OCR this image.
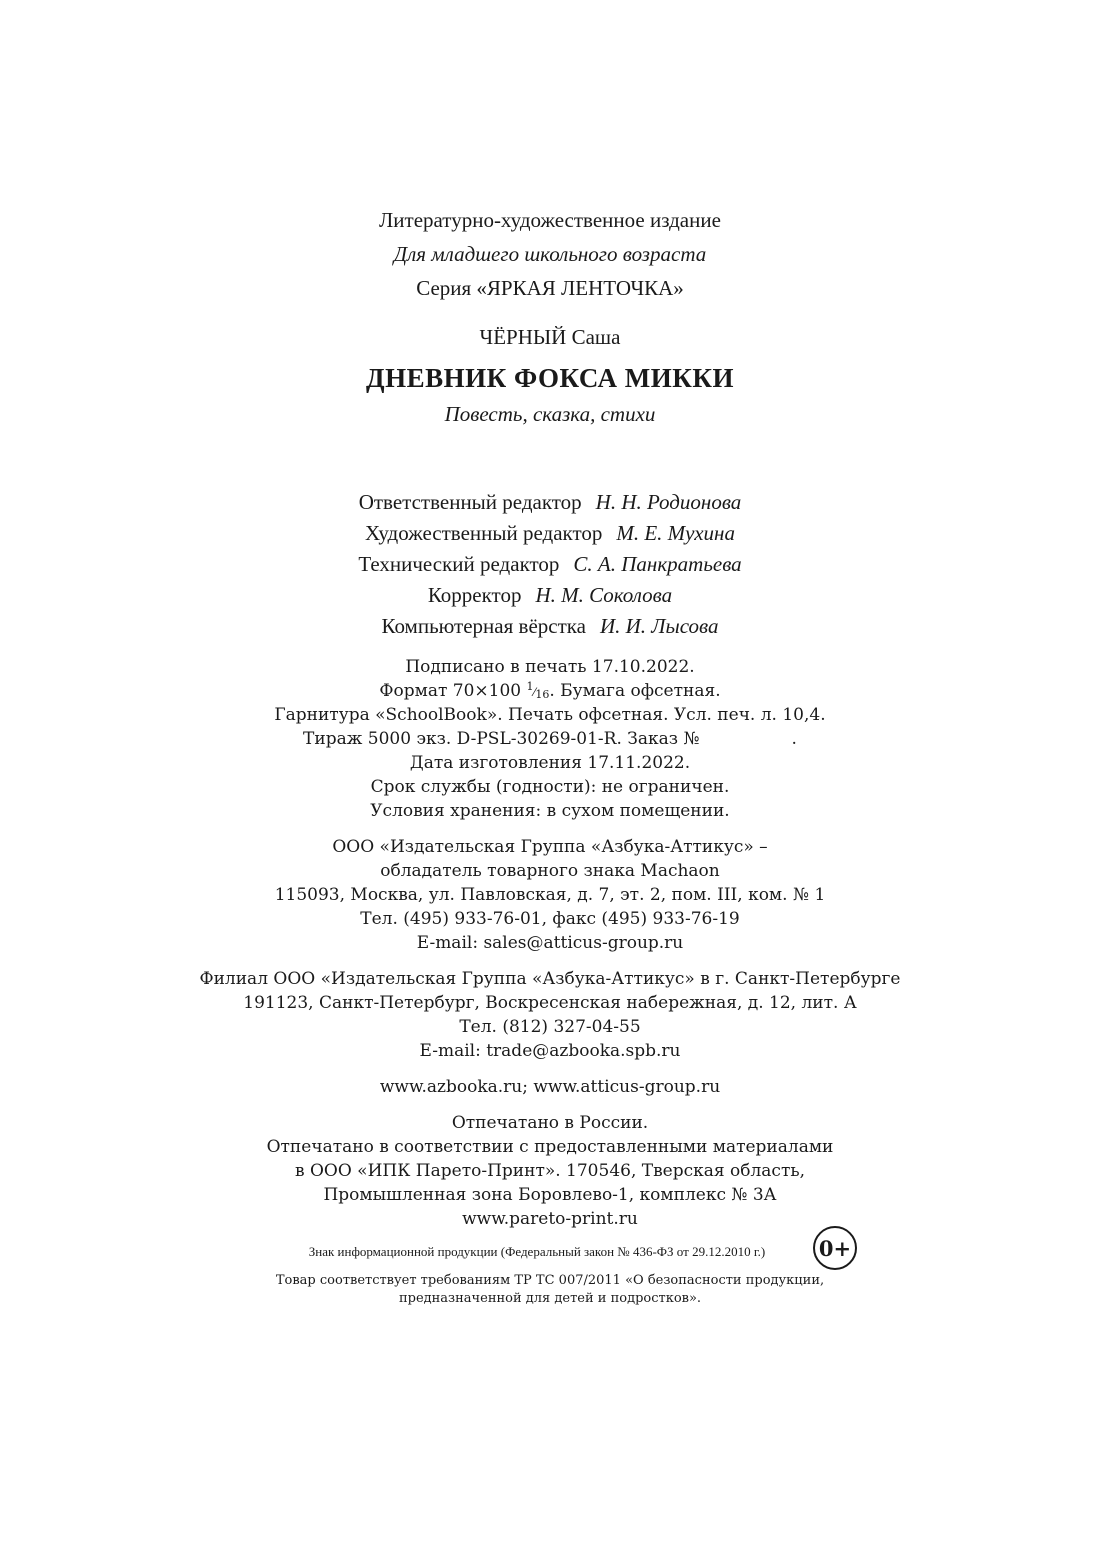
Литературно-художественное издание

Для младшего школьного возраста

Серия «ЯРКАЯ ЛЕНТОЧКА»

ЧЁРНЫЙ Саша

ДНЕВНИК ФОКСА МИККИ

Повесть, сказка, стихи

Ответственный редактор Н. Н. Родионова

Художественный редактор М. Е. Мухина

Технический редактор С. А. Панкратьева

Корректор Н. М. Соколова

Компьютерная вёрстка И. И. Лысова

Подписано в печать 17.10.2022.

Формат 70×100 1⁄16. Бумага офсетная.

Гарнитура «SchoolBook». Печать офсетная. Усл. печ. л. 10,4.

Тираж 5000 экз. D-PSL-30269-01-R. Заказ №	.

Дата изготовления 17.11.2022.

Срок службы (годности): не ограничен.

Условия хранения: в сухом помещении.

ООО «Издательская Группа «Азбука-Аттикус» –

обладатель товарного знака Machaon

115093, Москва, ул. Павловская, д. 7, эт. 2, пом. III, ком. № 1

Тел. (495) 933-76-01, факс (495) 933-76-19

E-mail: sales@atticus-group.ru

Филиал ООО «Издательская Группа «Азбука-Аттикус» в г. Санкт-Петербурге

191123, Санкт-Петербург, Воскресенская набережная, д. 12, лит. А

Тел. (812) 327-04-55

E-mail: trade@azbooka.spb.ru

www.azbooka.ru; www.atticus-group.ru

Отпечатано в России.

Отпечатано в соответствии с предоставленными материалами

в ООО «ИПК Парето-Принт». 170546, Тверская область,

Промышленная зона Боровлево-1, комплекс № 3А

www.pareto-print.ru

Знак информационной продукции (Федеральный закон № 436-ФЗ от 29.12.2010 г.)	0+

Товар соответствует требованиям ТР ТС 007/2011 «О безопасности продукции,

предназначенной для детей и подростков».
